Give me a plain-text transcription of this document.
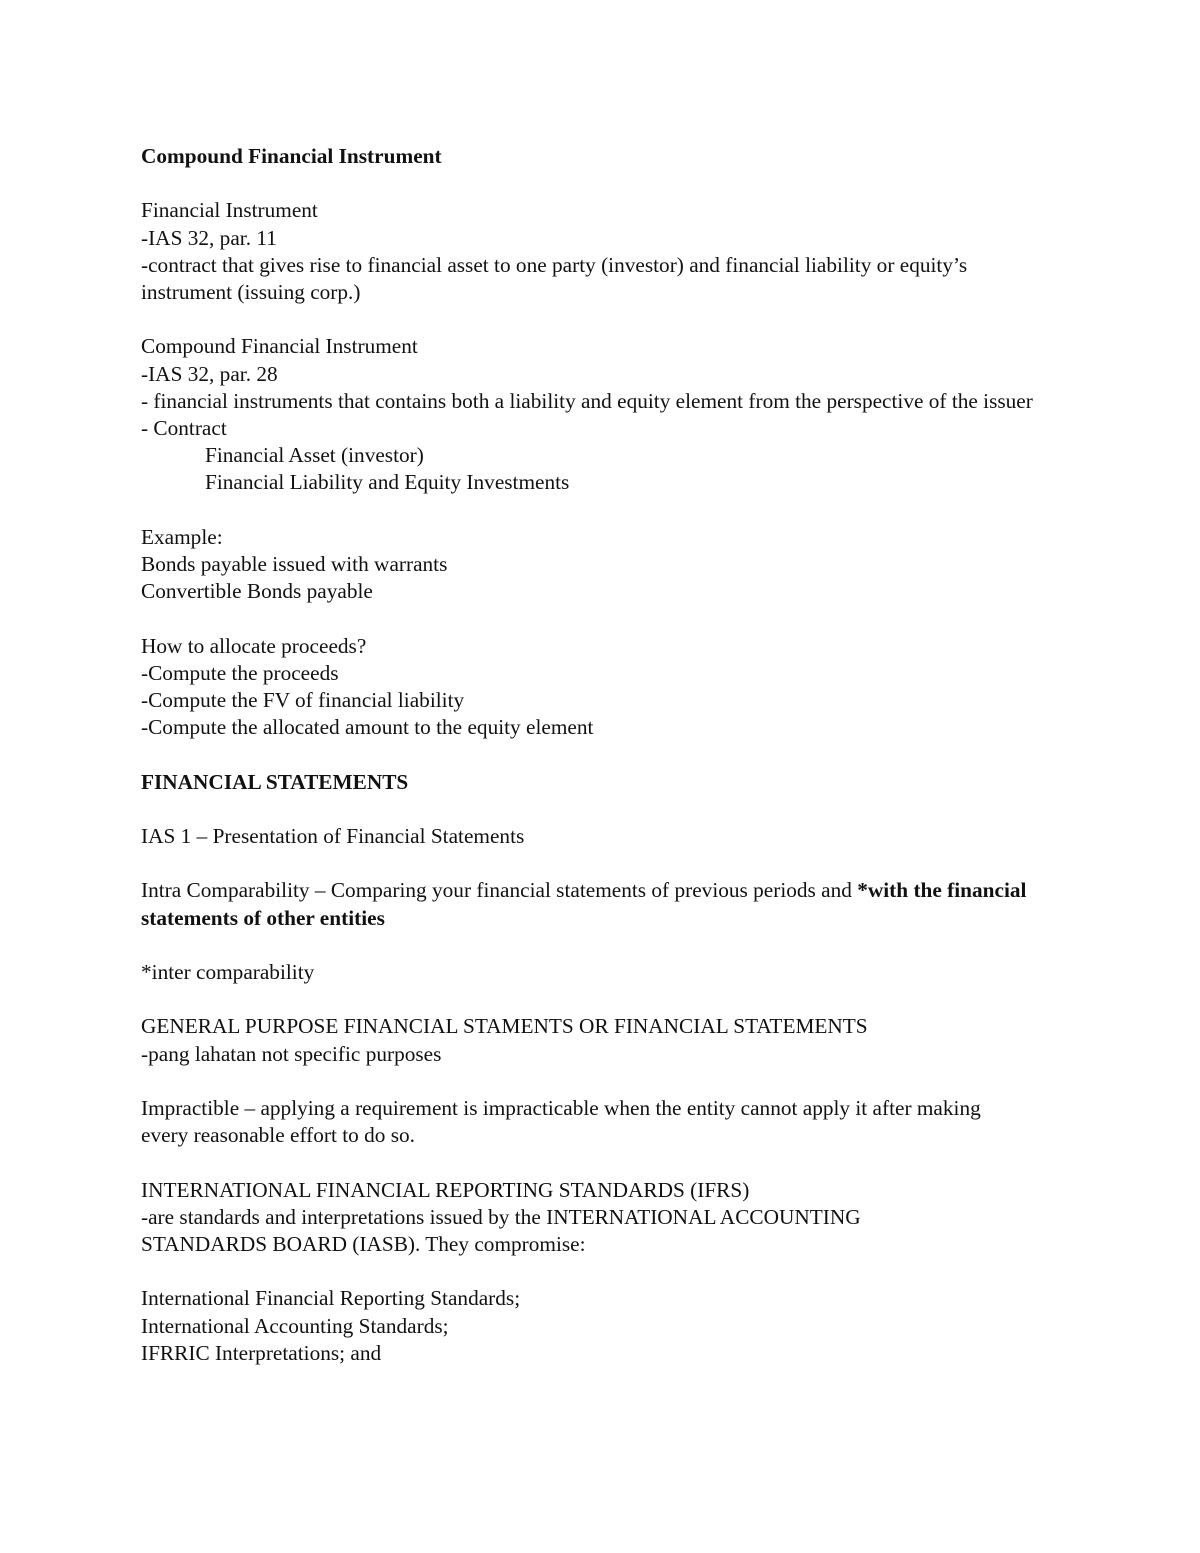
Compound Financial Instrument
Financial Instrument
-IAS 32, par. 11
-contract that gives rise to financial asset to one party (investor) and financial liability or equity’s instrument (issuing corp.)
Compound Financial Instrument
-IAS 32, par. 28
- financial instruments that contains both a liability and equity element from the perspective of the issuer
- Contract
Financial Asset (investor)
Financial Liability and Equity Investments
Example:
Bonds payable issued with warrants
Convertible Bonds payable
How to allocate proceeds?
-Compute the proceeds
-Compute the FV of financial liability
-Compute the allocated amount to the equity element
FINANCIAL STATEMENTS
IAS 1 – Presentation of Financial Statements
Intra Comparability – Comparing your financial statements of previous periods and *with the financial statements of other entities
*inter comparability
GENERAL PURPOSE FINANCIAL STAMENTS OR FINANCIAL STATEMENTS
-pang lahatan not specific purposes
Impractible – applying a requirement is impracticable when the entity cannot apply it after making every reasonable effort to do so.
INTERNATIONAL FINANCIAL REPORTING STANDARDS (IFRS)
-are standards and interpretations issued by the INTERNATIONAL ACCOUNTING STANDARDS BOARD (IASB). They compromise:
International Financial Reporting Standards;
International Accounting Standards;
IFRRIC Interpretations; and
